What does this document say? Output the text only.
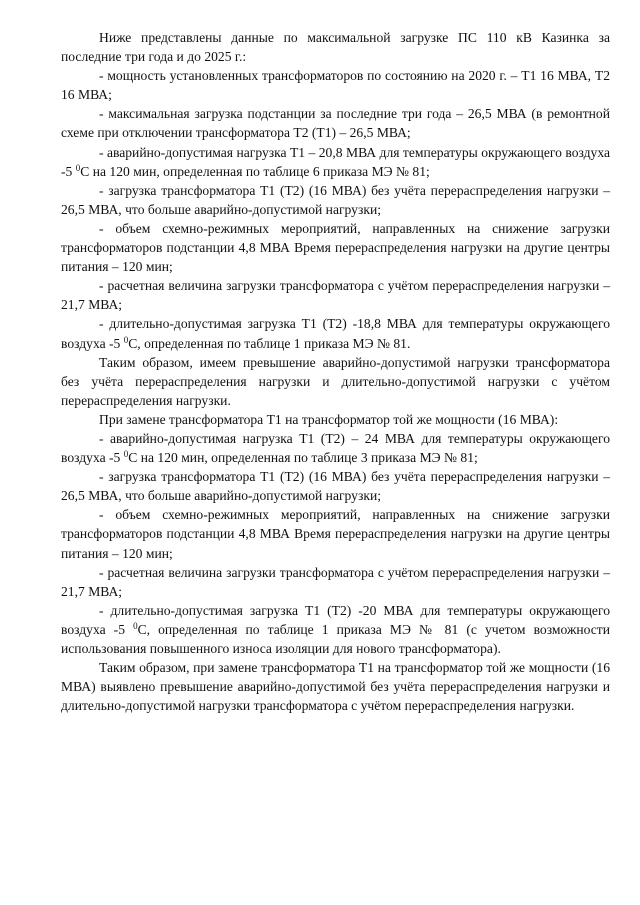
Ниже представлены данные по максимальной загрузке ПС 110 кВ Казинка за последние три года и до 2025 г.:

- мощность установленных трансформаторов по состоянию на 2020 г. – Т1 16 МВА, Т2 16 МВА;

- максимальная загрузка подстанции за последние три года – 26,5 МВА (в ремонтной схеме при отключении трансформатора Т2 (Т1) – 26,5 МВА;

- аварийно-допустимая нагрузка Т1 – 20,8 МВА для температуры окружающего воздуха -5 $^0$С на 120 мин, определенная по таблице 6 приказа МЭ № 81;

- загрузка трансформатора Т1 (Т2) (16 МВА) без учёта перераспределения нагрузки – 26,5 МВА, что больше аварийно-допустимой нагрузки;

- объем схемно-режимных мероприятий, направленных на снижение загрузки трансформаторов подстанции 4,8 МВА Время перераспределения нагрузки на другие центры питания – 120 мин;

- расчетная величина загрузки трансформатора с учётом перераспределения нагрузки – 21,7 МВА;

- длительно-допустимая загрузка Т1 (Т2) -18,8 МВА для температуры окружающего воздуха -5 $^0$С, определенная по таблице 1 приказа МЭ № 81.

Таким образом, имеем превышение аварийно-допустимой нагрузки трансформатора без учёта перераспределения нагрузки и длительно-допустимой нагрузки с учётом перераспределения нагрузки.

При замене трансформатора Т1 на трансформатор той же мощности (16 МВА):

- аварийно-допустимая нагрузка Т1 (Т2) – 24 МВА для температуры окружающего воздуха -5 $^0$С на 120 мин, определенная по таблице 3 приказа МЭ № 81;

- загрузка трансформатора Т1 (Т2) (16 МВА) без учёта перераспределения нагрузки – 26,5 МВА, что больше аварийно-допустимой нагрузки;

- объем схемно-режимных мероприятий, направленных на снижение загрузки трансформаторов подстанции 4,8 МВА Время перераспределения нагрузки на другие центры питания – 120 мин;

- расчетная величина загрузки трансформатора с учётом перераспределения нагрузки – 21,7 МВА;

- длительно-допустимая загрузка Т1 (Т2) -20 МВА для температуры окружающего воздуха -5 $^0$С, определенная по таблице 1 приказа МЭ № 81 (с учетом возможности использования повышенного износа изоляции для нового трансформатора).

Таким образом, при замене трансформатора Т1 на трансформатор той же мощности (16 МВА) выявлено превышение аварийно-допустимой без учёта перераспределения нагрузки и длительно-допустимой нагрузки трансформатора с учётом перераспределения нагрузки.
